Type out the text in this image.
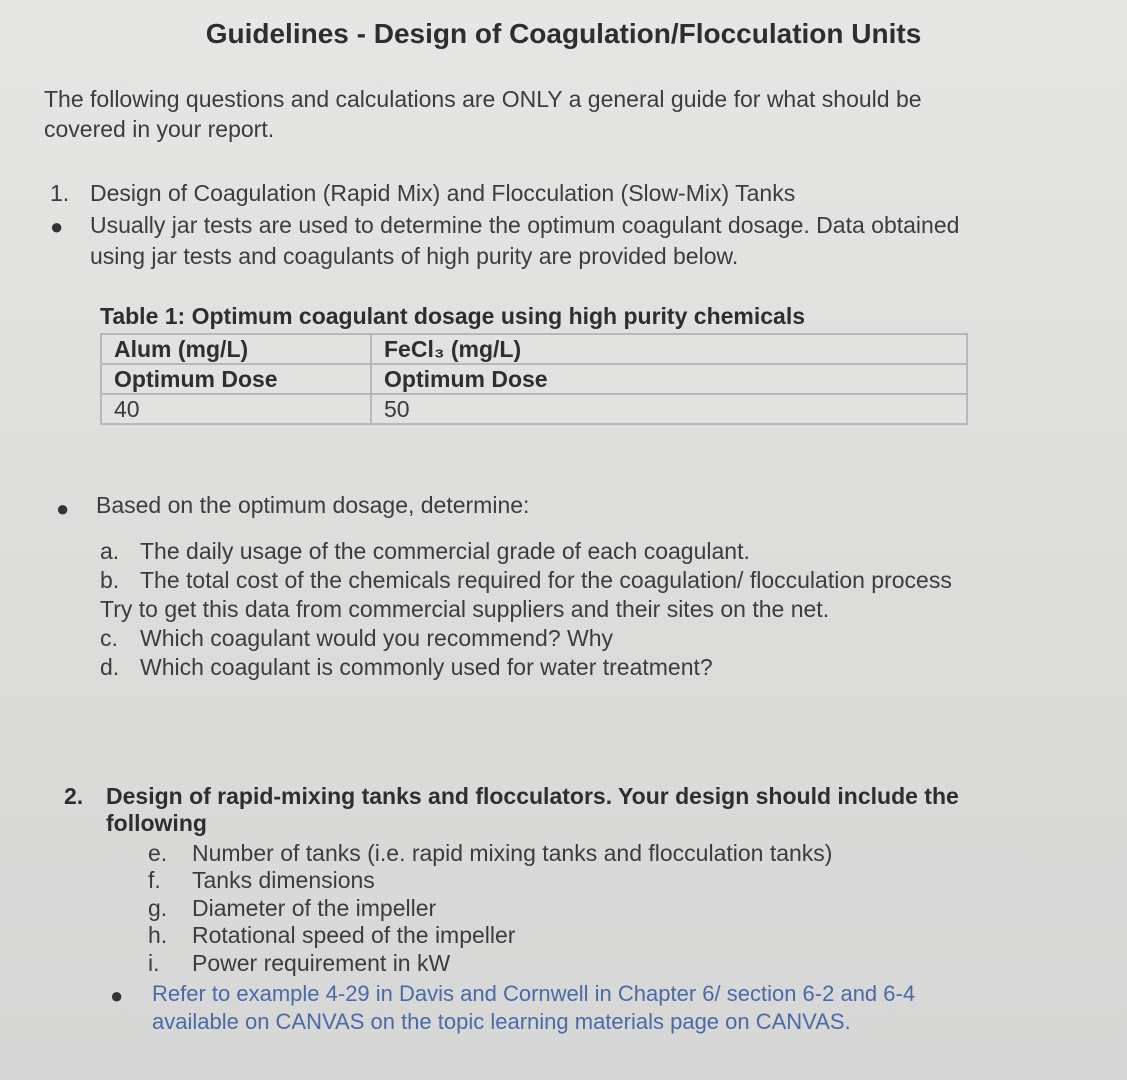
Guidelines - Design of Coagulation/Flocculation Units
The following questions and calculations are ONLY a general guide for what should be
covered in your report.
1. Design of Coagulation (Rapid Mix) and Flocculation (Slow-Mix) Tanks
● Usually jar tests are used to determine the optimum coagulant dosage. Data obtained
using jar tests and coagulants of high purity are provided below.
Table 1: Optimum coagulant dosage using high purity chemicals
Alum (mg/L)	FeCl₃ (mg/L)
Optimum Dose	Optimum Dose
40	50
● Based on the optimum dosage, determine:
a. The daily usage of the commercial grade of each coagulant.
b. The total cost of the chemicals required for the coagulation/ flocculation process
Try to get this data from commercial suppliers and their sites on the net.
c. Which coagulant would you recommend? Why
d. Which coagulant is commonly used for water treatment?
2. Design of rapid-mixing tanks and flocculators. Your design should include the
following
e. Number of tanks (i.e. rapid mixing tanks and flocculation tanks)
f. Tanks dimensions
g. Diameter of the impeller
h. Rotational speed of the impeller
i. Power requirement in kW
● Refer to example 4-29 in Davis and Cornwell in Chapter 6/ section 6-2 and 6-4
available on CANVAS on the topic learning materials page on CANVAS.
